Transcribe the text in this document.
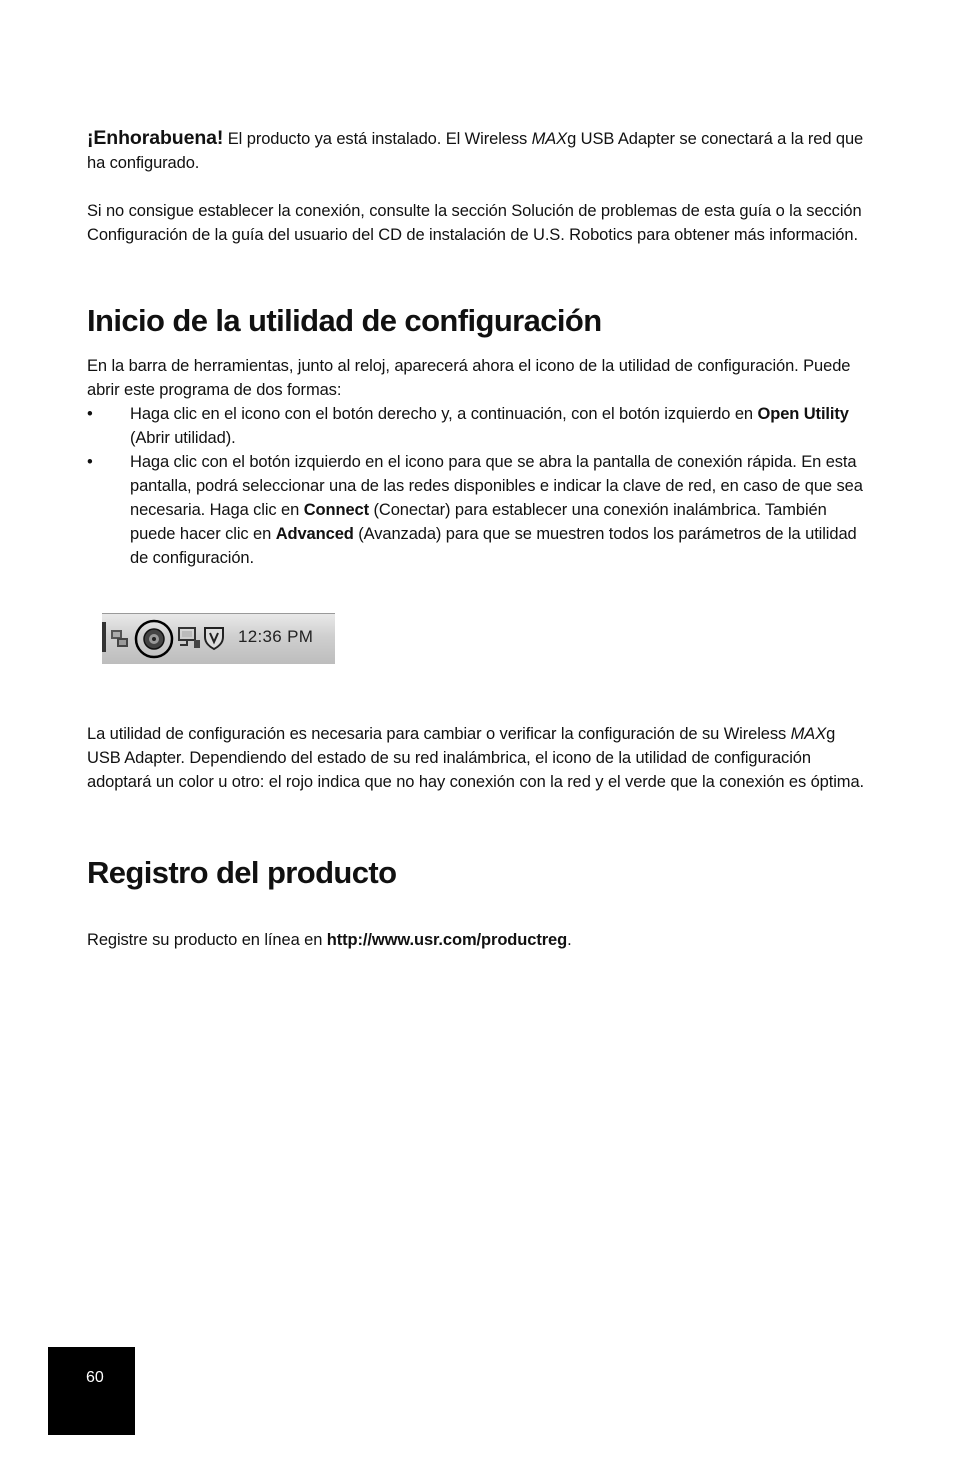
¡Enhorabuena! El producto ya está instalado. El Wireless MAXg USB Adapter se conectará a la red que ha configurado.

Si no consigue establecer la conexión, consulte la sección Solución de problemas de esta guía o la sección Configuración de la guía del usuario del CD de instalación de U.S. Robotics para obtener más información.

Inicio de la utilidad de configuración

En la barra de herramientas, junto al reloj, aparecerá ahora el icono de la utilidad de configuración. Puede abrir este programa de dos formas:

• Haga clic en el icono con el botón derecho y, a continuación, con el botón izquierdo en Open Utility (Abrir utilidad).
• Haga clic con el botón izquierdo en el icono para que se abra la pantalla de conexión rápida. En esta pantalla, podrá seleccionar una de las redes disponibles e indicar la clave de red, en caso de que sea necesaria. Haga clic en Connect (Conectar) para establecer una conexión inalámbrica. También puede hacer clic en Advanced (Avanzada) para que se muestren todos los parámetros de la utilidad de configuración.
12:36 PM

La utilidad de configuración es necesaria para cambiar o verificar la configuración de su Wireless MAXg USB Adapter. Dependiendo del estado de su red inalámbrica, el icono de la utilidad de configuración adoptará un color u otro: el rojo indica que no hay conexión con la red y el verde que la conexión es óptima.

Registro del producto

Registre su producto en línea en http://www.usr.com/productreg.

60
